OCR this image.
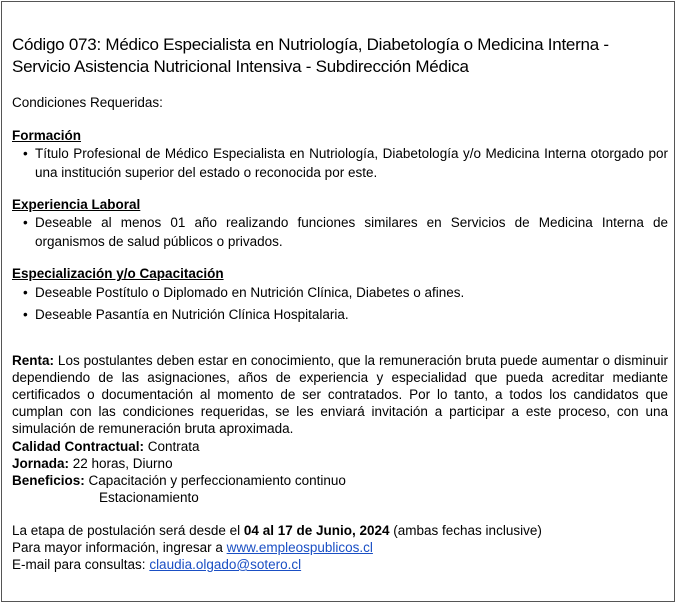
Código 073: Médico Especialista en Nutriología, Diabetología o Medicina Interna - Servicio Asistencia Nutricional Intensiva - Subdirección Médica
Condiciones Requeridas:
Formación
• Título Profesional de Médico Especialista en Nutriología, Diabetología y/o Medicina Interna otorgado por una institución superior del estado o reconocida por este.
Experiencia Laboral
• Deseable al menos 01 año realizando funciones similares en Servicios de Medicina Interna de organismos de salud públicos o privados.
Especialización y/o Capacitación
• Deseable Postítulo o Diplomado en Nutrición Clínica, Diabetes o afines.
• Deseable Pasantía en Nutrición Clínica Hospitalaria.
Renta: Los postulantes deben estar en conocimiento, que la remuneración bruta puede aumentar o disminuir dependiendo de las asignaciones, años de experiencia y especialidad que pueda acreditar mediante certificados o documentación al momento de ser contratados. Por lo tanto, a todos los candidatos que cumplan con las condiciones requeridas, se les enviará invitación a participar a este proceso, con una simulación de remuneración bruta aproximada.
Calidad Contractual: Contrata
Jornada: 22 horas, Diurno
Beneficios: Capacitación y perfeccionamiento continuo
Estacionamiento
La etapa de postulación será desde el 04 al 17 de Junio, 2024 (ambas fechas inclusive)
Para mayor información, ingresar a www.empleospublicos.cl
E-mail para consultas: claudia.olgado@sotero.cl
